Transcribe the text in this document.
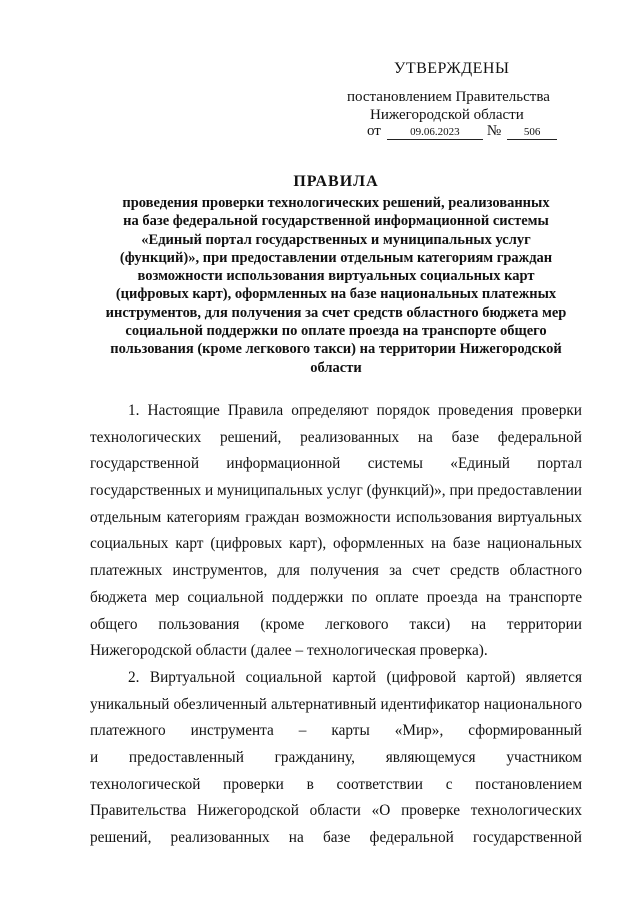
УТВЕРЖДЕНЫ
постановлением Правительства
Нижегородской области
от	09.06.2023 № 506
ПРАВИЛА
проведения проверки технологических решений, реализованных
на базе федеральной государственной информационной системы
«Единый портал государственных и муниципальных услуг
(функций)», при предоставлении отдельным категориям граждан
возможности использования виртуальных социальных карт
(цифровых карт), оформленных на базе национальных платежных
инструментов, для получения за счет средств областного бюджета мер
социальной поддержки по оплате проезда на транспорте общего
пользования (кроме легкового такси) на территории Нижегородской
области
1. Настоящие Правила определяют порядок проведения проверки
технологических решений, реализованных на базе федеральной
государственной информационной системы «Единый портал
государственных и муниципальных услуг (функций)», при предоставлении
отдельным категориям граждан возможности использования виртуальных
социальных карт (цифровых карт), оформленных на базе национальных
платежных инструментов, для получения за счет средств областного
бюджета мер социальной поддержки по оплате проезда на транспорте
общего пользования (кроме легкового такси) на территории
Нижегородской области (далее – технологическая проверка).
2. Виртуальной социальной картой (цифровой картой) является
уникальный обезличенный альтернативный идентификатор национального
платежного инструмента – карты «Мир», сформированный
и предоставленный гражданину, являющемуся участником
технологической проверки в соответствии с постановлением
Правительства Нижегородской области «О проверке технологических
решений, реализованных на базе федеральной государственной
